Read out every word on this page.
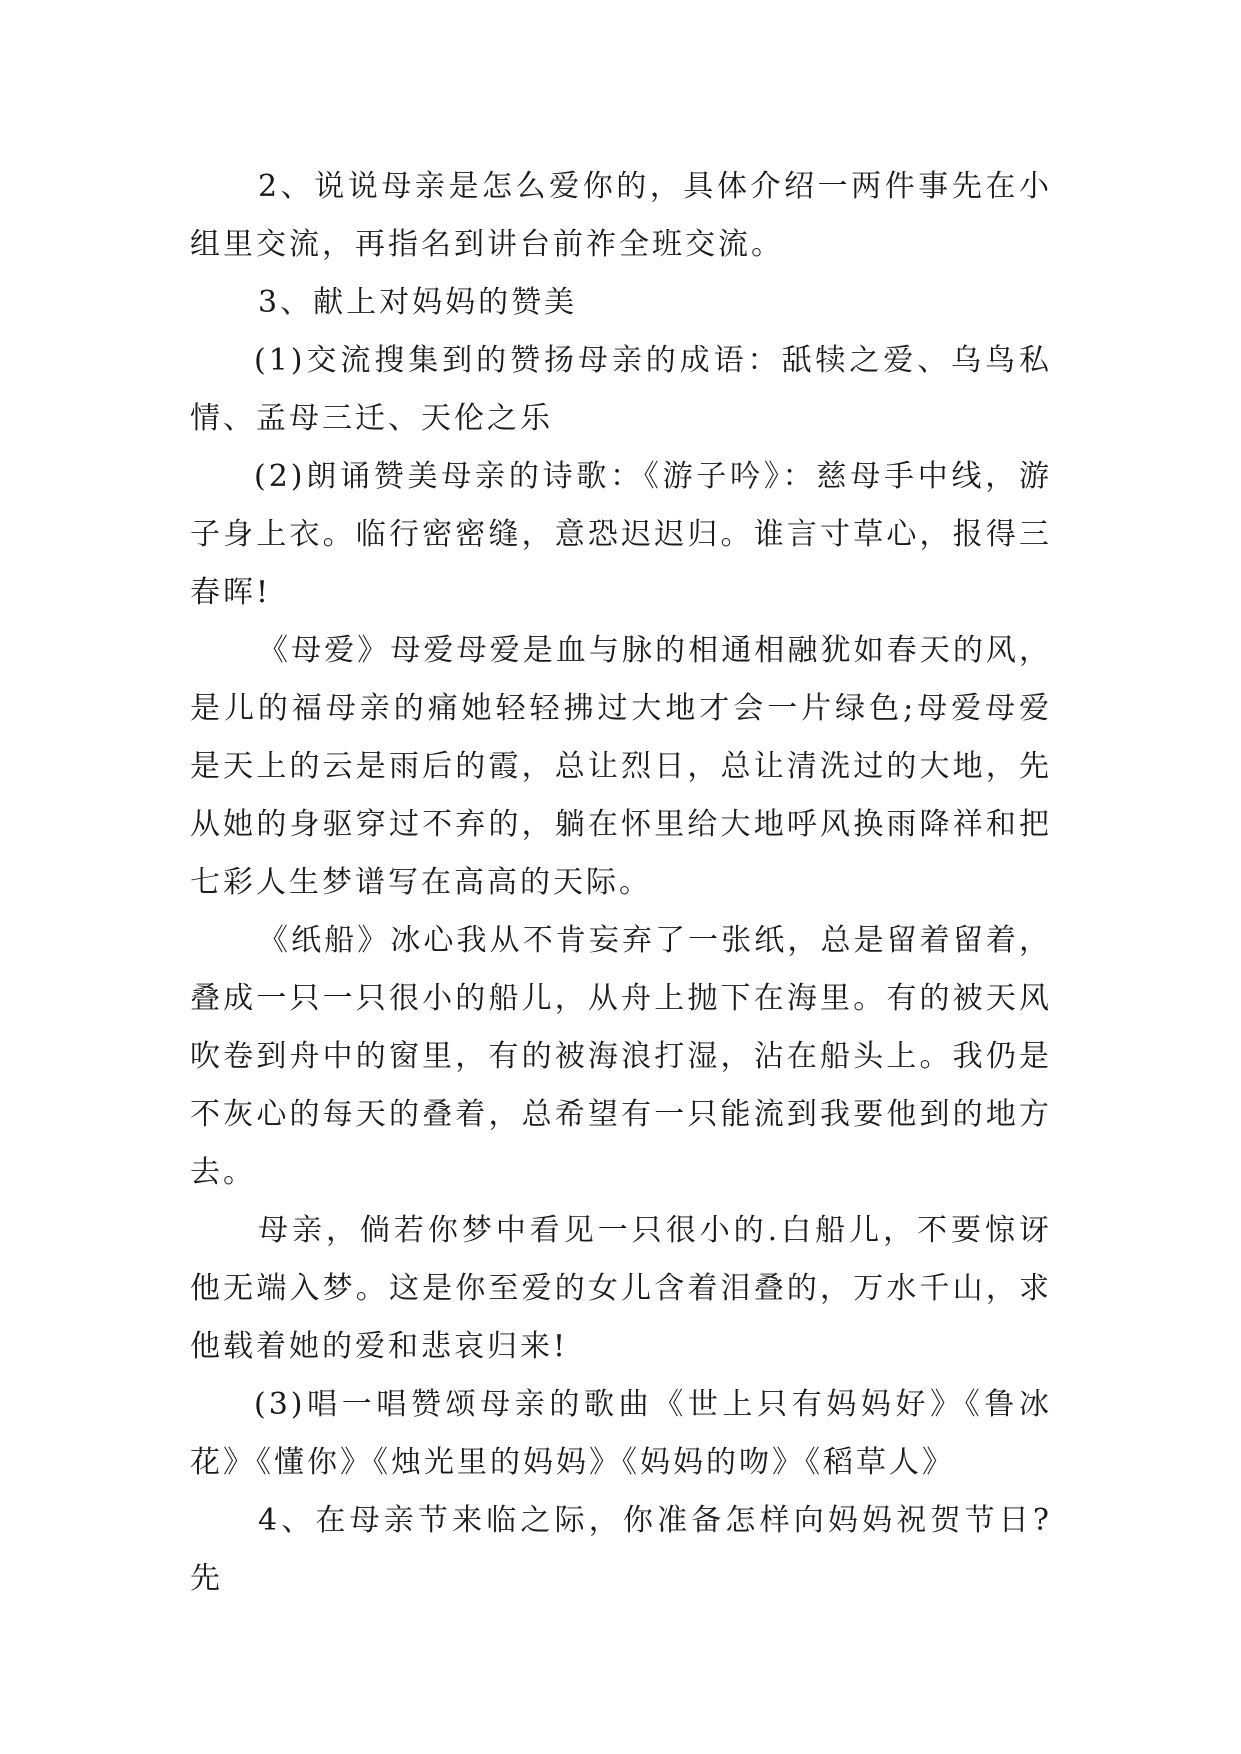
2、说说母亲是怎么爱你的，具体介绍一两件事先在小组里交流，再指名到讲台前祚全班交流。

3、献上对妈妈的赞美

(1)交流搜集到的赞扬母亲的成语：舐犊之爱、乌鸟私情、孟母三迁、天伦之乐

(2)朗诵赞美母亲的诗歌：《游子吟》：慈母手中线，游子身上衣。临行密密缝，意恐迟迟归。谁言寸草心，报得三春晖!

《母爱》母爱母爱是血与脉的相通相融犹如春天的风，是儿的福母亲的痛她轻轻拂过大地才会一片绿色;母爱母爱是天上的云是雨后的霞，总让烈日，总让清洗过的大地，先从她的身驱穿过不弃的，躺在怀里给大地呼风换雨降祥和把七彩人生梦谱写在高高的天际。

《纸船》冰心我从不肯妄弃了一张纸，总是留着留着，叠成一只一只很小的船儿，从舟上抛下在海里。有的被天风吹卷到舟中的窗里，有的被海浪打湿，沾在船头上。我仍是不灰心的每天的叠着，总希望有一只能流到我要他到的地方去。

母亲，倘若你梦中看见一只很小的.白船儿，不要惊讶他无端入梦。这是你至爱的女儿含着泪叠的，万水千山，求他载着她的爱和悲哀归来!

(3)唱一唱赞颂母亲的歌曲《世上只有妈妈好》《鲁冰花》《懂你》《烛光里的妈妈》《妈妈的吻》《稻草人》

4、在母亲节来临之际，你准备怎样向妈妈祝贺节日?先
